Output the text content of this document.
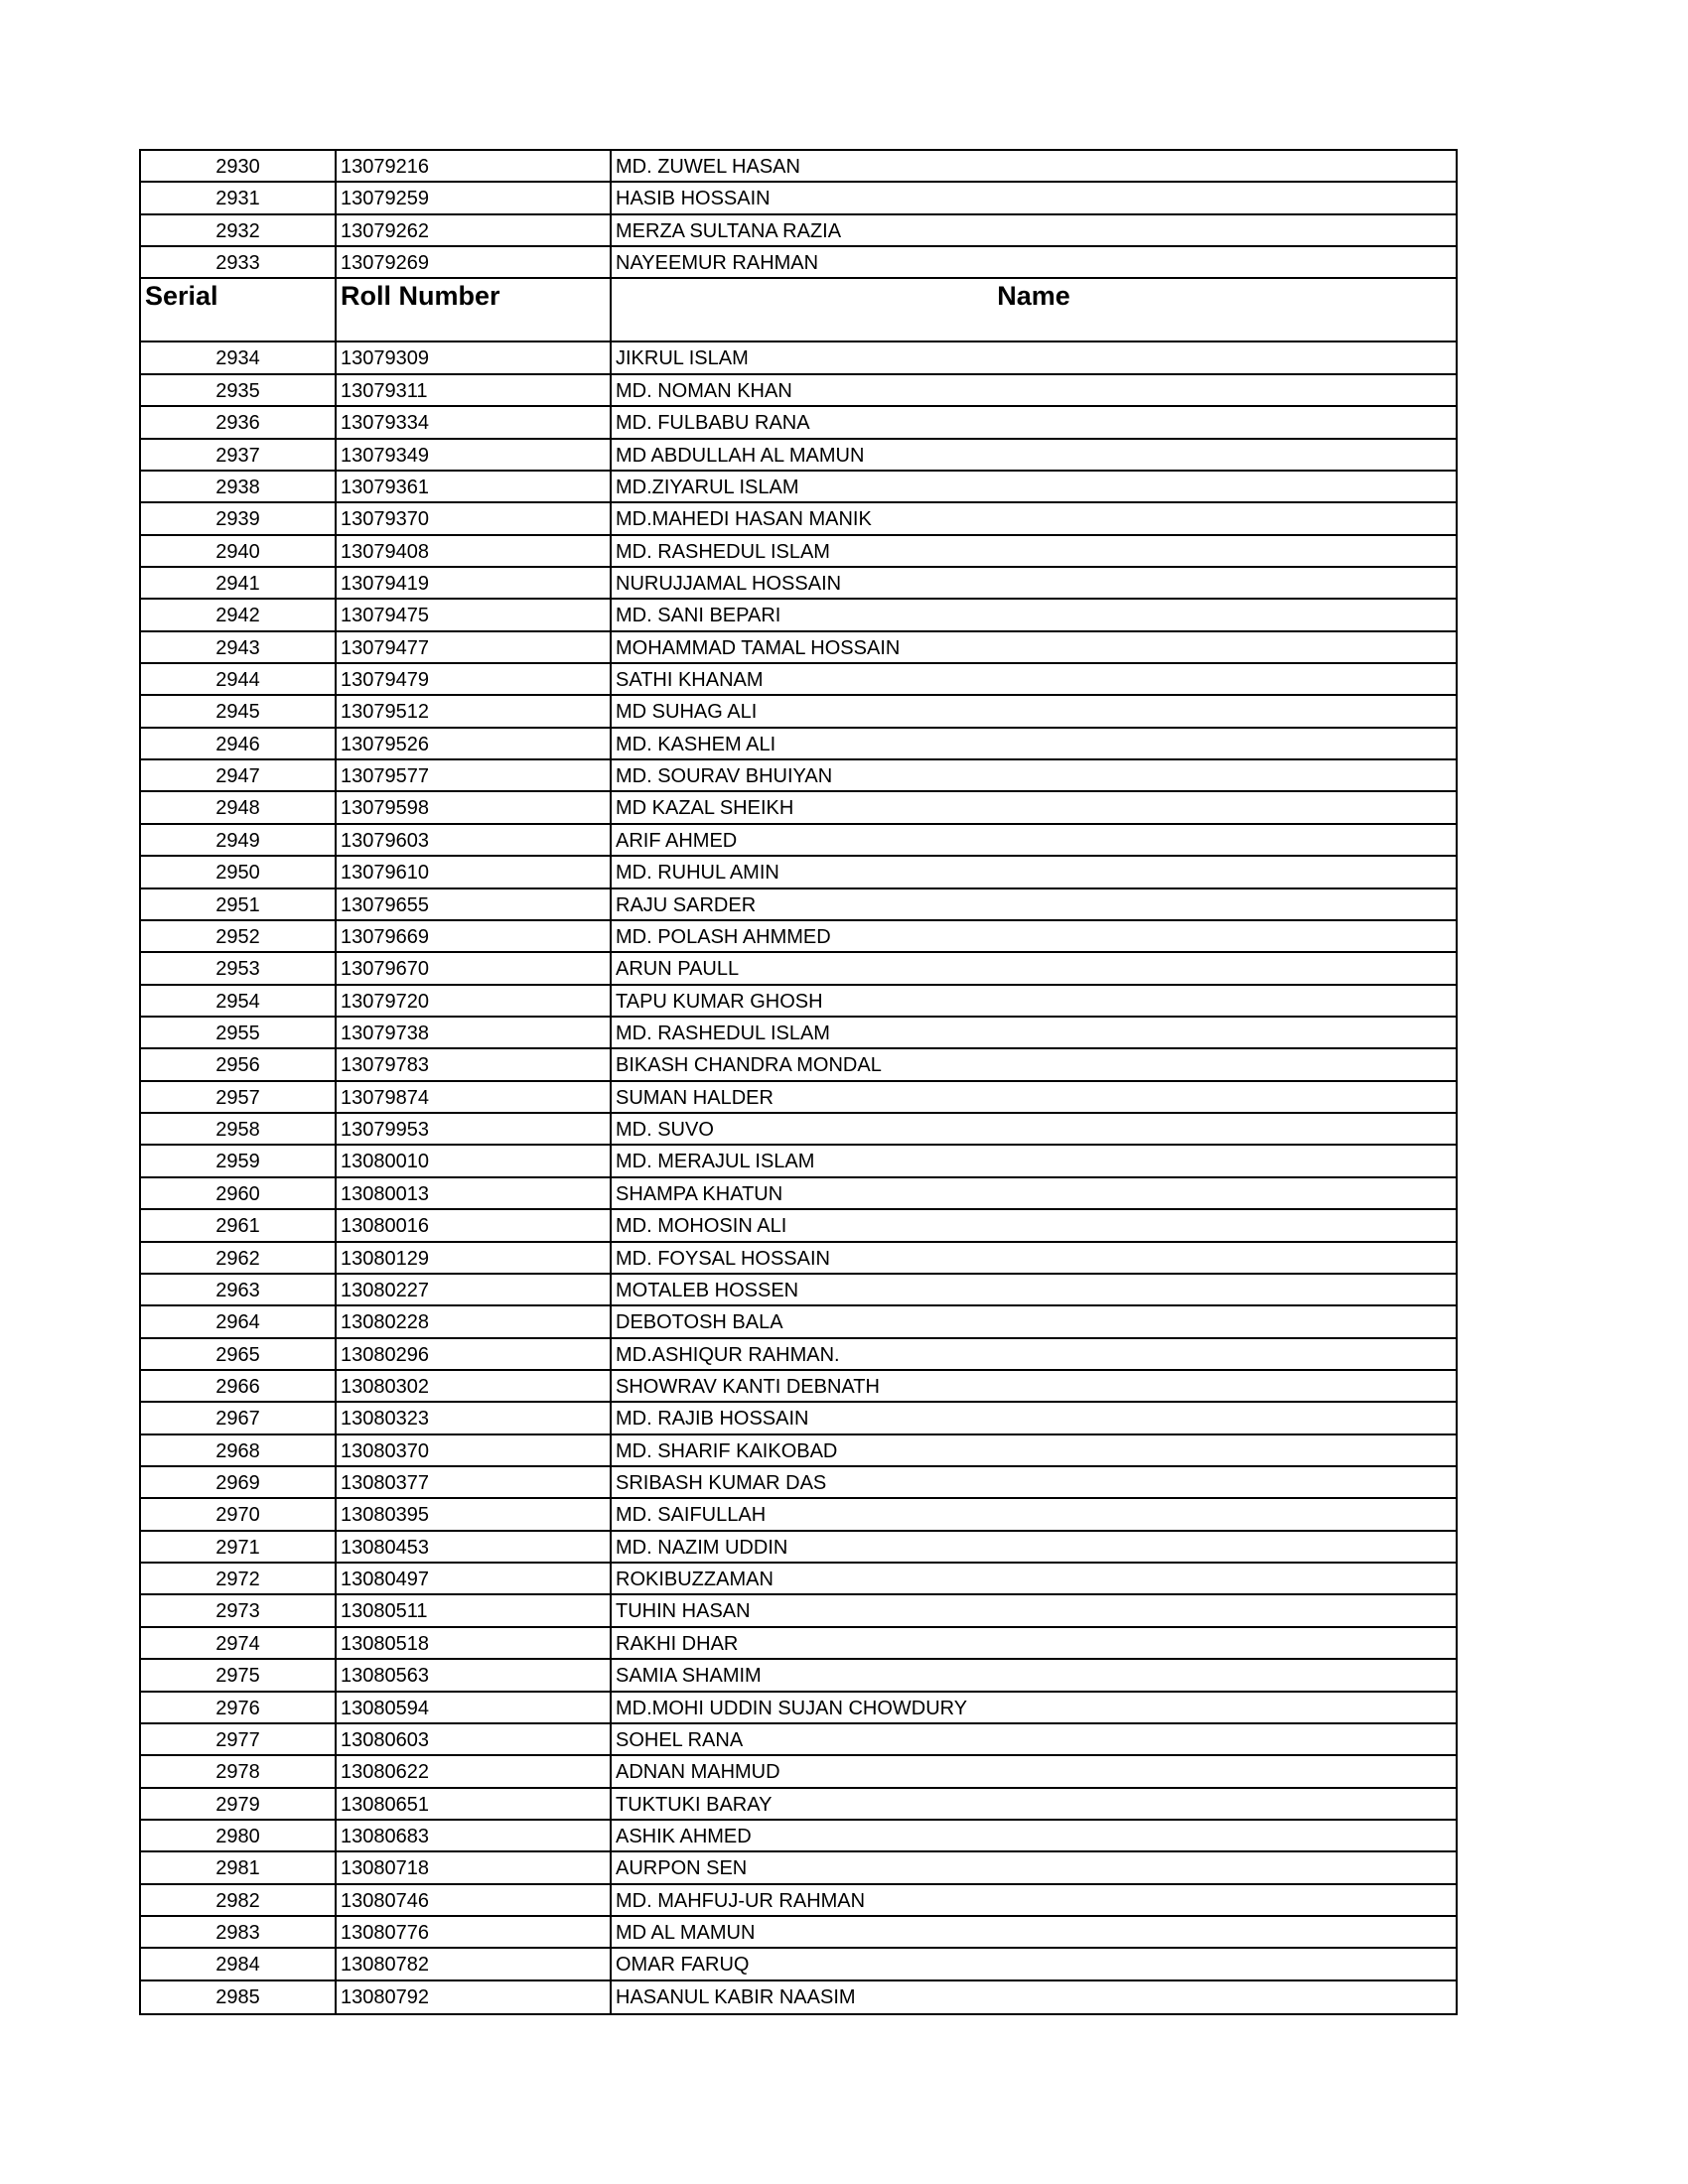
2930	13079216	MD. ZUWEL HASAN
2931	13079259	HASIB HOSSAIN
2932	13079262	MERZA SULTANA RAZIA
2933	13079269	NAYEEMUR RAHMAN
Serial	Roll Number	Name
2934	13079309	JIKRUL ISLAM
2935	13079311	MD. NOMAN KHAN
2936	13079334	MD. FULBABU RANA
2937	13079349	MD ABDULLAH AL MAMUN
2938	13079361	MD.ZIYARUL ISLAM
2939	13079370	MD.MAHEDI HASAN MANIK
2940	13079408	MD. RASHEDUL ISLAM
2941	13079419	NURUJJAMAL HOSSAIN
2942	13079475	MD. SANI BEPARI
2943	13079477	MOHAMMAD TAMAL HOSSAIN
2944	13079479	SATHI KHANAM
2945	13079512	MD SUHAG ALI
2946	13079526	MD. KASHEM ALI
2947	13079577	MD. SOURAV BHUIYAN
2948	13079598	MD KAZAL SHEIKH
2949	13079603	ARIF AHMED
2950	13079610	MD. RUHUL AMIN
2951	13079655	RAJU SARDER
2952	13079669	MD. POLASH AHMMED
2953	13079670	ARUN PAULL
2954	13079720	TAPU KUMAR GHOSH
2955	13079738	MD. RASHEDUL ISLAM
2956	13079783	BIKASH CHANDRA MONDAL
2957	13079874	SUMAN HALDER
2958	13079953	MD. SUVO
2959	13080010	MD. MERAJUL ISLAM
2960	13080013	SHAMPA KHATUN
2961	13080016	MD. MOHOSIN ALI
2962	13080129	MD. FOYSAL HOSSAIN
2963	13080227	MOTALEB HOSSEN
2964	13080228	DEBOTOSH BALA
2965	13080296	MD.ASHIQUR RAHMAN.
2966	13080302	SHOWRAV KANTI DEBNATH
2967	13080323	MD. RAJIB HOSSAIN
2968	13080370	MD. SHARIF KAIKOBAD
2969	13080377	SRIBASH KUMAR DAS
2970	13080395	MD. SAIFULLAH
2971	13080453	MD. NAZIM UDDIN
2972	13080497	ROKIBUZZAMAN
2973	13080511	TUHIN HASAN
2974	13080518	RAKHI DHAR
2975	13080563	SAMIA SHAMIM
2976	13080594	MD.MOHI UDDIN SUJAN CHOWDURY
2977	13080603	SOHEL RANA
2978	13080622	ADNAN MAHMUD
2979	13080651	TUKTUKI BARAY
2980	13080683	ASHIK AHMED
2981	13080718	AURPON SEN
2982	13080746	MD. MAHFUJ-UR RAHMAN
2983	13080776	MD AL MAMUN
2984	13080782	OMAR FARUQ
2985	13080792	HASANUL KABIR NAASIM
